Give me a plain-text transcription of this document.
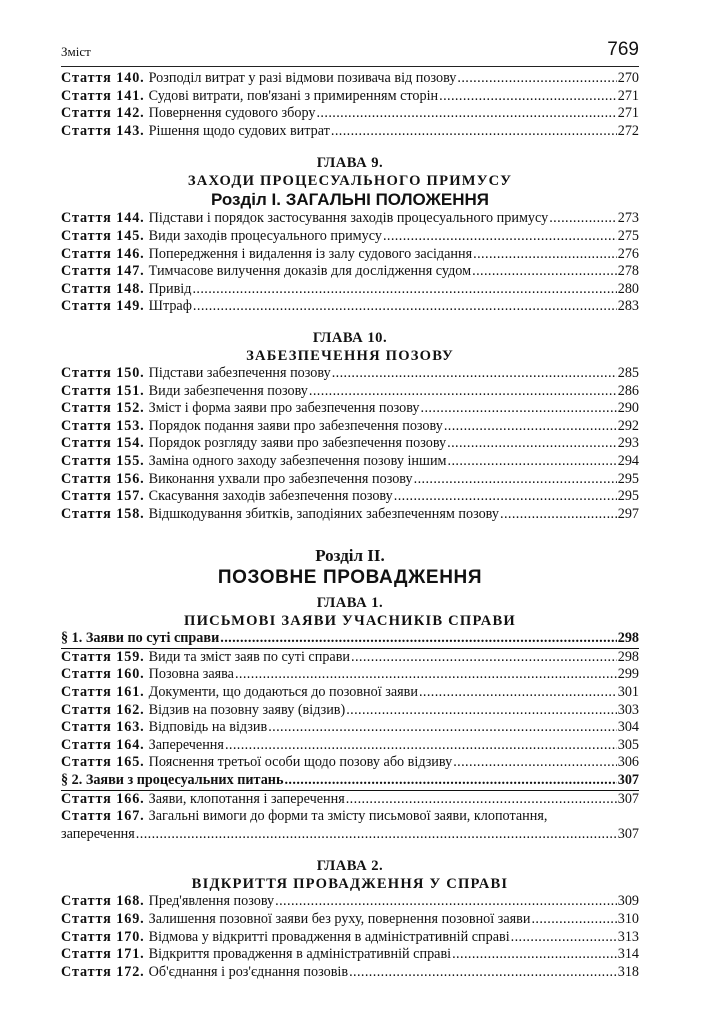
Зміст	769
Стаття 140. Розподіл витрат у разі відмови позивача від позову .....	270
Стаття 141. Судові витрати, пов'язані з примиренням сторін .....	271
Стаття 142. Повернення судового збору .....	271
Стаття 143. Рішення щодо судових витрат .....	272
ГЛАВА 9.
ЗАХОДИ ПРОЦЕСУАЛЬНОГО ПРИМУСУ
Розділ I. ЗАГАЛЬНІ ПОЛОЖЕННЯ
Стаття 144. Підстави і порядок застосування заходів процесуального примусу .....	273
Стаття 145. Види заходів процесуального примусу .....	275
Стаття 146. Попередження і видалення із залу судового засідання .....	276
Стаття 147. Тимчасове вилучення доказів для дослідження судом .....	278
Стаття 148. Привід .....	280
Стаття 149. Штраф .....	283
ГЛАВА 10.
ЗАБЕЗПЕЧЕННЯ ПОЗОВУ
Стаття 150. Підстави забезпечення позову .....	285
Стаття 151. Види забезпечення позову .....	286
Стаття 152. Зміст і форма заяви про забезпечення позову .....	290
Стаття 153. Порядок подання заяви про забезпечення позову .....	292
Стаття 154. Порядок розгляду заяви про забезпечення позову .....	293
Стаття 155. Заміна одного заходу забезпечення позову іншим .....	294
Стаття 156. Виконання ухвали про забезпечення позову .....	295
Стаття 157. Скасування заходів забезпечення позову .....	295
Стаття 158. Відшкодування збитків, заподіяних забезпеченням позову .....	297
Розділ II.
ПОЗОВНЕ ПРОВАДЖЕННЯ
ГЛАВА 1.
ПИСЬМОВІ ЗАЯВИ УЧАСНИКІВ СПРАВИ
§ 1. Заяви по суті справи .....	298
Стаття 159. Види та зміст заяв по суті справи .....	298
Стаття 160. Позовна заява .....	299
Стаття 161. Документи, що додаються до позовної заяви .....	301
Стаття 162. Відзив на позовну заяву (відзив) .....	303
Стаття 163. Відповідь на відзив .....	304
Стаття 164. Заперечення .....	305
Стаття 165. Пояснення третьої особи щодо позову або відзиву .....	306
§ 2. Заяви з процесуальних питань .....	307
Стаття 166. Заяви, клопотання і заперечення .....	307
Стаття 167. Загальні вимоги до форми та змісту письмової заяви, клопотання,
заперечення .....	307
ГЛАВА 2.
ВІДКРИТТЯ ПРОВАДЖЕННЯ У СПРАВІ
Стаття 168. Пред'явлення позову .....	309
Стаття 169. Залишення позовної заяви без руху, повернення позовної заяви .....	310
Стаття 170. Відмова у відкритті провадження в адміністративній справі .....	313
Стаття 171. Відкриття провадження в адміністративній справі .....	314
Стаття 172. Об'єднання і роз'єднання позовів .....	318
